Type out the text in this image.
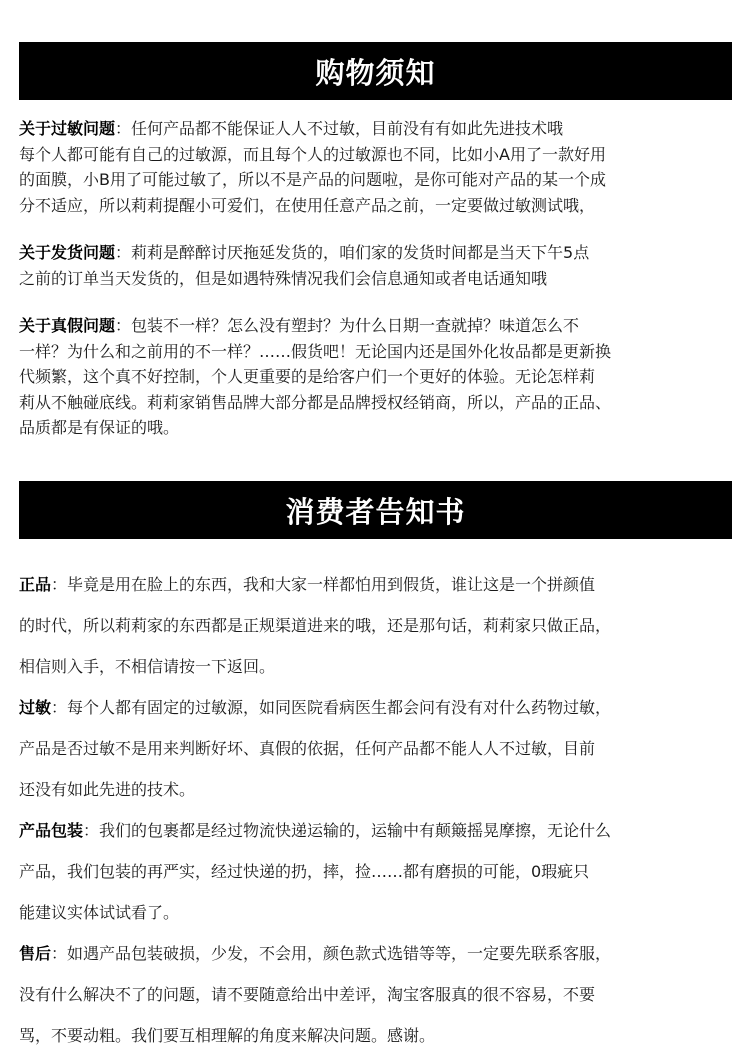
购物须知

关于过敏问题：任何产品都不能保证人人不过敏，目前没有有如此先进技术哦
每个人都可能有自己的过敏源，而且每个人的过敏源也不同，比如小A用了一款好用
的面膜，小B用了可能过敏了，所以不是产品的问题啦，是你可能对产品的某一个成
分不适应，所以莉莉提醒小可爱们，在使用任意产品之前，一定要做过敏测试哦，

关于发货问题：莉莉是醉醉讨厌拖延发货的，咱们家的发货时间都是当天下午5点
之前的订单当天发货的，但是如遇特殊情况我们会信息通知或者电话通知哦

关于真假问题：包装不一样？怎么没有塑封？为什么日期一查就掉？味道怎么不
一样？为什么和之前用的不一样？……假货吧！无论国内还是国外化妆品都是更新换
代频繁，这个真不好控制，个人更重要的是给客户们一个更好的体验。无论怎样莉
莉从不触碰底线。莉莉家销售品牌大部分都是品牌授权经销商，所以，产品的正品、
品质都是有保证的哦。

消费者告知书

正品：毕竟是用在脸上的东西，我和大家一样都怕用到假货，谁让这是一个拼颜值
的时代，所以莉莉家的东西都是正规渠道进来的哦，还是那句话，莉莉家只做正品，
相信则入手，不相信请按一下返回。

过敏：每个人都有固定的过敏源，如同医院看病医生都会问有没有对什么药物过敏，
产品是否过敏不是用来判断好坏、真假的依据，任何产品都不能人人不过敏，目前
还没有如此先进的技术。

产品包装：我们的包裹都是经过物流快递运输的，运输中有颠簸摇晃摩擦，无论什么
产品，我们包装的再严实，经过快递的扔，摔，捡……都有磨损的可能，0瑕疵只
能建议实体试试看了。

售后：如遇产品包装破损，少发，不会用，颜色款式选错等等，一定要先联系客服，
没有什么解决不了的问题，请不要随意给出中差评，淘宝客服真的很不容易，不要
骂，不要动粗。我们要互相理解的角度来解决问题。感谢。
